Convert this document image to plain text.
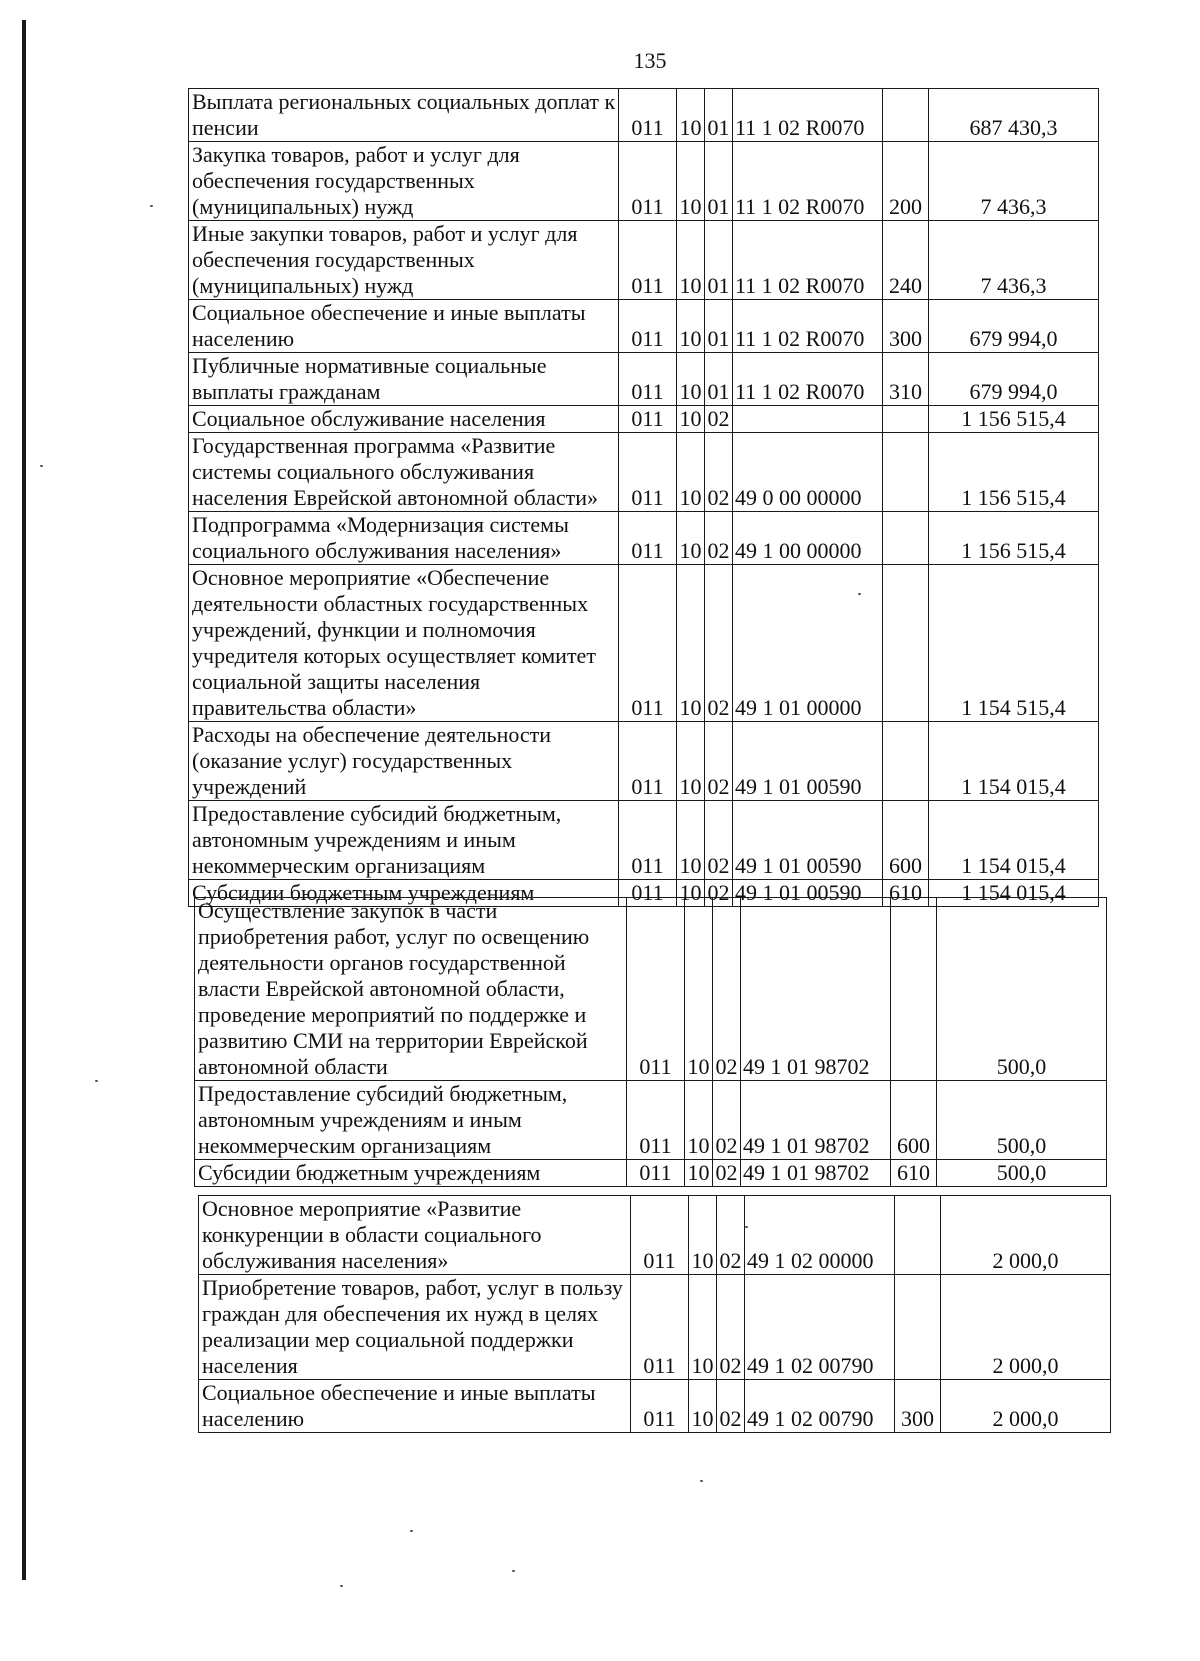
135
Выплата региональных социальных доплат к пенсии	011	10	01	11 1 02 R0070		687 430,3
Закупка товаров, работ и услуг для обеспечения государственных (муниципальных) нужд	011	10	01	11 1 02 R0070	200	7 436,3
Иные закупки товаров, работ и услуг для обеспечения государственных (муниципальных) нужд	011	10	01	11 1 02 R0070	240	7 436,3
Социальное обеспечение и иные выплаты населению	011	10	01	11 1 02 R0070	300	679 994,0
Публичные нормативные социальные выплаты гражданам	011	10	01	11 1 02 R0070	310	679 994,0
Социальное обслуживание населения	011	10	02			1 156 515,4
Государственная программа «Развитие системы социального обслуживания населения Еврейской автономной области»	011	10	02	49 0 00 00000		1 156 515,4
Подпрограмма «Модернизация системы социального обслуживания населения»	011	10	02	49 1 00 00000		1 156 515,4
Основное мероприятие «Обеспечение деятельности областных государственных учреждений, функции и полномочия учредителя которых осуществляет комитет социальной защиты населения правительства области»	011	10	02	49 1 01 00000		1 154 515,4
Расходы на обеспечение деятельности (оказание услуг) государственных учреждений	011	10	02	49 1 01 00590		1 154 015,4
Предоставление субсидий бюджетным, автономным учреждениям и иным некоммерческим организациям	011	10	02	49 1 01 00590	600	1 154 015,4
Субсидии бюджетным учреждениям	011	10	02	49 1 01 00590	610	1 154 015,4
Осуществление закупок в части приобретения работ, услуг по освещению деятельности органов государственной власти Еврейской автономной области, проведение мероприятий по поддержке и развитию СМИ на территории Еврейской автономной области	011	10	02	49 1 01 98702		500,0
Предоставление субсидий бюджетным, автономным учреждениям и иным некоммерческим организациям	011	10	02	49 1 01 98702	600	500,0
Субсидии бюджетным учреждениям	011	10	02	49 1 01 98702	610	500,0
Основное мероприятие «Развитие конкуренции в области социального обслуживания населения»	011	10	02	49 1 02 00000		2 000,0
Приобретение товаров, работ, услуг в пользу граждан для обеспечения их нужд в целях реализации мер социальной поддержки населения	011	10	02	49 1 02 00790		2 000,0
Социальное обеспечение и иные выплаты населению	011	10	02	49 1 02 00790	300	2 000,0
